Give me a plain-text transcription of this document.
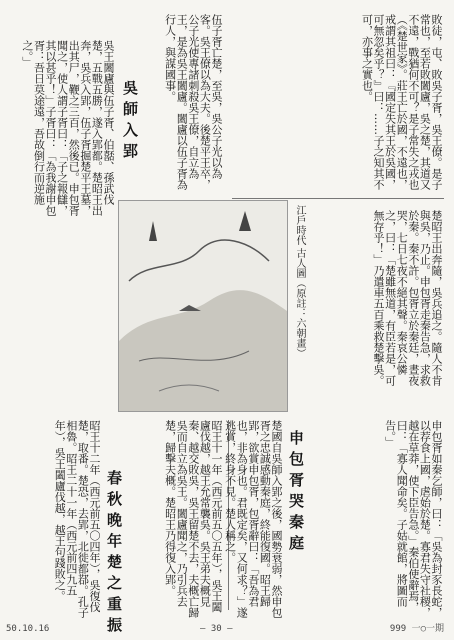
敗徒，屯、敗吳子胥，吳王僚。是子常也，至若敗闔廬，吳之楚，其道又不遠，戰猶何不可？是子常失之戎也（《楚世家》。莊王亡於國，不遠也，戒謂其祖曰：『國定失其王於吳國，可無忽矣乎？』曰：……子之知其不可，亦事之實也。
伍子胥亡楚，至吳，吳公子光以為客。吳王僚以為大夫。後楚平王卒，公子光使專諸刺殺吳王僚，自立為王，是為吳王闔廬。闔廬以伍子胥為行人，與謀國事。
吳師入郢
吳王闔廬與伍子胥、伯嚭、孫武伐楚，五戰五勝，遂入郢都。楚昭王出奔，吳兵入郢，伍子胥掘楚平王墓，出其尸，鞭之三百，然後已。申包胥聞之，使人謂子胥曰：「子之報讎，其以甚乎！」子胥曰：「為我謝申包胥：吾日莫途遠，吾故倒行而逆施之。」
楚昭王出奔隨，吳兵追之。隨人不肯與吳，乃止。申包胥走秦告急，求救於秦。秦不許。包胥立於秦廷，晝夜哭，七日七夜不絕其聲。秦哀公憐之，曰：「楚雖無道，有臣若是，可無存乎！」乃遣車五百乘救楚擊吳。
江戶時代 古人圖（原註：六朝畫）
春秋晚年楚之重振	昭王十一年（西元前五〇五年），吳王闔廬伐越，越王允常襲吳。吳王弟夫概見秦、越交敗吳，吳王留楚不去，夫概亡歸吳而自立為吳王。闔廬聞之，乃引兵去楚，歸擊夫概。楚昭王乃得復入郢。
昭王十二年（西元前五〇四年），吳復伐楚，取番。楚恐，去郢，北徙都鄀。孔子相魯。昭王二十一年（西元前四九五年），吳王闔廬伐越，越王句踐敗之。	申包胥哭秦庭
楚國自吳師入郢之後，國勢衰弱，然申包胥之忠誠感動秦庭，終能復國。昭王歸郢，欲賞申包胥，包胥辭曰：「吾為君也，非為身也。君既定矣，又何求？」遂逃賞，終身不見。楚人稱之。	申包胥如秦乞師，曰：「吳為封豕長蛇，以荐食上國，虐始於楚。寡君失守社稷，越在草莽，使下臣告急。」秦伯使辭焉，曰：「寡人聞命矣。子姑就館，將圖而告。」
50.10.16	— 30 —	999 一○一期
